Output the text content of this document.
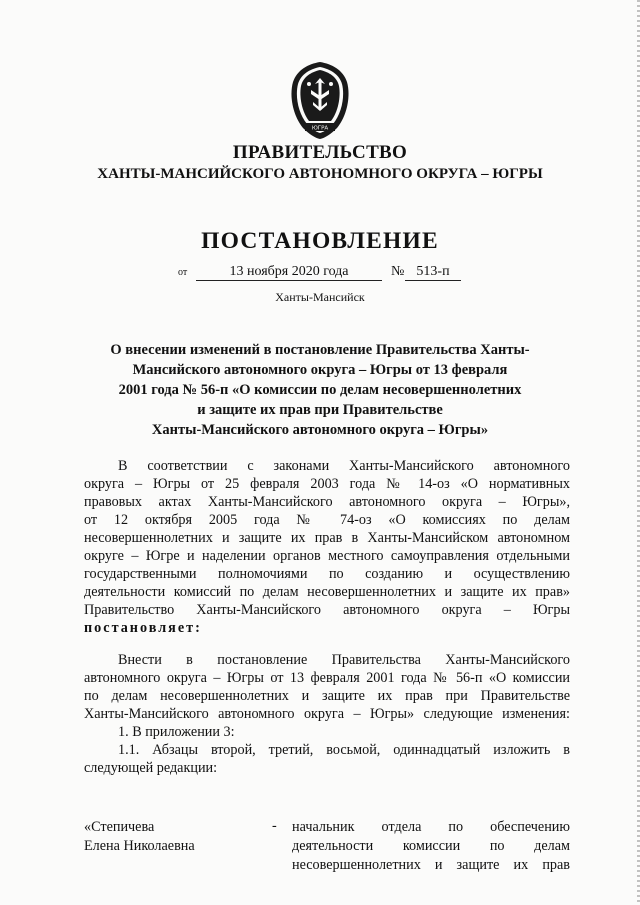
ЮГРА
ПРАВИТЕЛЬСТВО
ХАНТЫ-МАНСИЙСКОГО АВТОНОМНОГО ОКРУГА – ЮГРЫ
ПОСТАНОВЛЕНИЕ
от	13 ноября 2020 года	№ 513-п
Ханты-Мансийск
О внесении изменений в постановление Правительства Ханты-
Мансийского автономного округа – Югры от 13 февраля
2001 года № 56-п «О комиссии по делам несовершеннолетних
и защите их прав при Правительстве
Ханты-Мансийского автономного округа – Югры»
В соответствии с законами Ханты-Мансийского автономного
округа – Югры от 25 февраля 2003 года № 14-оз «О нормативных
правовых актах Ханты-Мансийского автономного округа – Югры»,
от 12 октября 2005 года № 74-оз «О комиссиях по делам
несовершеннолетних и защите их прав в Ханты-Мансийском автономном
округе – Югре и наделении органов местного самоуправления отдельными
государственными полномочиями по созданию и осуществлению
деятельности комиссий по делам несовершеннолетних и защите их прав»
Правительство Ханты-Мансийского автономного округа – Югры
постановляет:
Внести в постановление Правительства Ханты-Мансийского
автономного округа – Югры от 13 февраля 2001 года № 56-п «О комиссии
по делам несовершеннолетних и защите их прав при Правительстве
Ханты-Мансийского автономного округа – Югры» следующие изменения:
1. В приложении 3:
1.1. Абзацы второй, третий, восьмой, одиннадцатый изложить в
следующей редакции:
«Степичева
Елена Николаевна
- начальник отдела по обеспечению
деятельности комиссии по делам
несовершеннолетних и защите их прав
